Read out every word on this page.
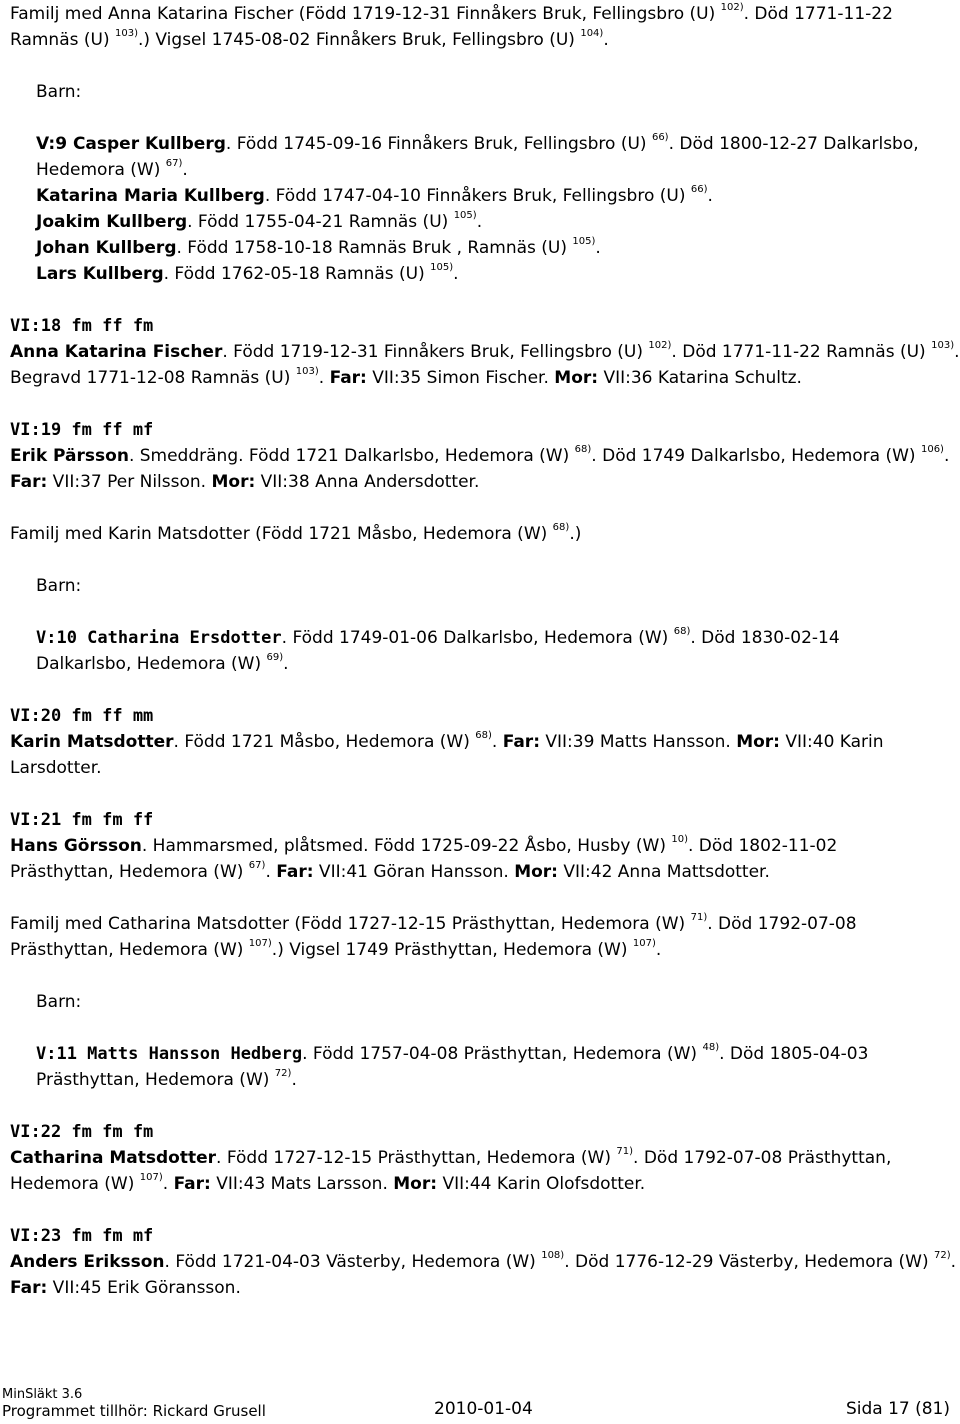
Familj med Anna Katarina Fischer (Född 1719-12-31 Finnåkers Bruk, Fellingsbro (U) $^{102)}$. Död 1771-11-22
Ramnäs (U) $^{103)}$.) Vigsel 1745-08-02 Finnåkers Bruk, Fellingsbro (U) $^{104)}$.
Barn:
V:9 Casper Kullberg. Född 1745-09-16 Finnåkers Bruk, Fellingsbro (U) $^{66)}$. Död 1800-12-27 Dalkarlsbo,
Hedemora (W) $^{67)}$.
Katarina Maria Kullberg. Född 1747-04-10 Finnåkers Bruk, Fellingsbro (U) $^{66)}$.
Joakim Kullberg. Född 1755-04-21 Ramnäs (U) $^{105)}$.
Johan Kullberg. Född 1758-10-18 Ramnäs Bruk , Ramnäs (U) $^{105)}$.
Lars Kullberg. Född 1762-05-18 Ramnäs (U) $^{105)}$.
VI:18 fm ff fm
Anna Katarina Fischer. Född 1719-12-31 Finnåkers Bruk, Fellingsbro (U) $^{102)}$. Död 1771-11-22 Ramnäs (U) $^{103)}$.
Begravd 1771-12-08 Ramnäs (U) $^{103)}$. Far: VII:35 Simon Fischer. Mor: VII:36 Katarina Schultz.
VI:19 fm ff mf
Erik Pärsson. Smeddräng. Född 1721 Dalkarlsbo, Hedemora (W) $^{68)}$. Död 1749 Dalkarlsbo, Hedemora (W) $^{106)}$.
Far: VII:37 Per Nilsson. Mor: VII:38 Anna Andersdotter.
Familj med Karin Matsdotter (Född 1721 Måsbo, Hedemora (W) $^{68)}$.)
Barn:
V:10 Catharina Ersdotter. Född 1749-01-06 Dalkarlsbo, Hedemora (W) $^{68)}$. Död 1830-02-14
Dalkarlsbo, Hedemora (W) $^{69)}$.
VI:20 fm ff mm
Karin Matsdotter. Född 1721 Måsbo, Hedemora (W) $^{68)}$. Far: VII:39 Matts Hansson. Mor: VII:40 Karin
Larsdotter.
VI:21 fm fm ff
Hans Görsson. Hammarsmed, plåtsmed. Född 1725-09-22 Åsbo, Husby (W) $^{10)}$. Död 1802-11-02
Prästhyttan, Hedemora (W) $^{67)}$. Far: VII:41 Göran Hansson. Mor: VII:42 Anna Mattsdotter.
Familj med Catharina Matsdotter (Född 1727-12-15 Prästhyttan, Hedemora (W) $^{71)}$. Död 1792-07-08
Prästhyttan, Hedemora (W) $^{107)}$.) Vigsel 1749 Prästhyttan, Hedemora (W) $^{107)}$.
Barn:
V:11 Matts Hansson Hedberg. Född 1757-04-08 Prästhyttan, Hedemora (W) $^{48)}$. Död 1805-04-03
Prästhyttan, Hedemora (W) $^{72)}$.
VI:22 fm fm fm
Catharina Matsdotter. Född 1727-12-15 Prästhyttan, Hedemora (W) $^{71)}$. Död 1792-07-08 Prästhyttan,
Hedemora (W) $^{107)}$. Far: VII:43 Mats Larsson. Mor: VII:44 Karin Olofsdotter.
VI:23 fm fm mf
Anders Eriksson. Född 1721-04-03 Västerby, Hedemora (W) $^{108)}$. Död 1776-12-29 Västerby, Hedemora (W) $^{72)}$.
Far: VII:45 Erik Göransson.
MinSläkt 3.6
Programmet tillhör: Rickard Grusell	2010-01-04	Sida 17 (81)
